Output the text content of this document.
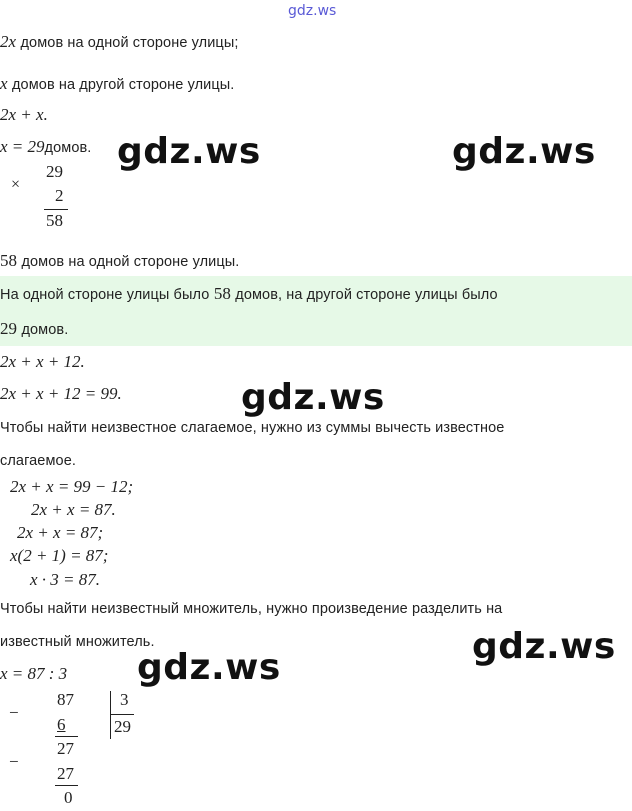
gdz.ws
2x домов на одной стороне улицы;
x домов на другой стороне улицы.
2x + x.
x = 29домов.
×
29
2
58
58 домов на одной стороне улицы.
На одной стороне улицы было 58 домов, на другой стороне улицы было
29 домов.
2x + x + 12.
2x + x + 12 = 99.
Чтобы найти неизвестное слагаемое, нужно из суммы вычесть известное
слагаемое.
2x + x = 99 − 12;
2x + x = 87.
2x + x = 87;
x(2 + 1) = 87;
x · 3 = 87.
Чтобы найти неизвестный множитель, нужно произведение разделить на
известный множитель.
x = 87 : 3
−
87
6
27
−
27
0
3
29
gdz.ws	gdz.ws
gdz.ws
gdz.ws
gdz.ws
